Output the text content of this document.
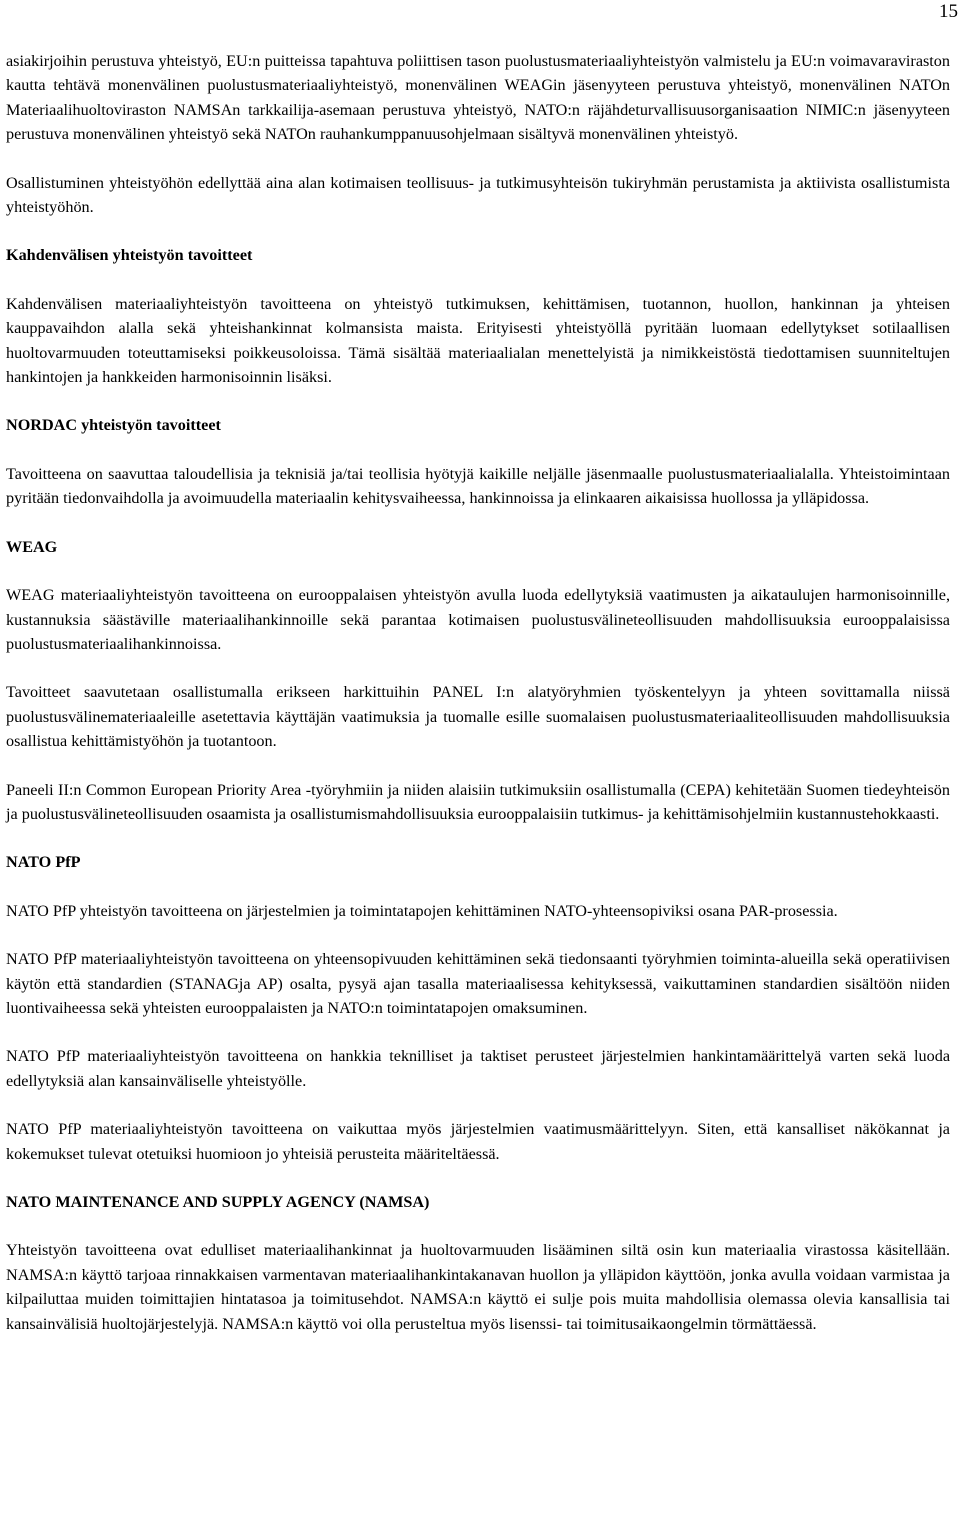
15

asiakirjoihin perustuva yhteistyö, EU:n puitteissa tapahtuva poliittisen tason puolustusmateriaaliyhteistyön valmistelu ja EU:n voimavaraviraston kautta tehtävä monenvälinen puolustusmateriaaliyhteistyö, monenvälinen WEAGin jäsenyyteen perustuva yhteistyö, monenvälinen NATOn Materiaalihuoltoviraston NAMSAn tarkkailija-asemaan perustuva yhteistyö, NATO:n räjähdeturvallisuusorganisaation NIMIC:n jäsenyyteen perustuva monenvälinen yhteistyö sekä NATOn rauhankumppanuusohjelmaan sisältyvä monenvälinen yhteistyö.

Osallistuminen yhteistyöhön edellyttää aina alan kotimaisen teollisuus- ja tutkimusyhteisön tukiryhmän perustamista ja aktiivista osallistumista yhteistyöhön.

Kahdenvälisen yhteistyön tavoitteet

Kahdenvälisen materiaaliyhteistyön tavoitteena on yhteistyö tutkimuksen, kehittämisen, tuotannon, huollon, hankinnan ja yhteisen kauppavaihdon alalla sekä yhteishankinnat kolmansista maista. Erityisesti yhteistyöllä pyritään luomaan edellytykset sotilaallisen huoltovarmuuden toteuttamiseksi poikkeusoloissa. Tämä sisältää materiaalialan menettelyistä ja nimikkeistöstä tiedottamisen suunniteltujen hankintojen ja hankkeiden harmonisoinnin lisäksi.

NORDAC yhteistyön tavoitteet

Tavoitteena on saavuttaa taloudellisia ja teknisiä ja/tai teollisia hyötyjä kaikille neljälle jäsenmaalle puolustusmateriaalialalla. Yhteistoimintaan pyritään tiedonvaihdolla ja avoimuudella materiaalin kehitysvaiheessa, hankinnoissa ja elinkaaren aikaisissa huollossa ja ylläpidossa.

WEAG

WEAG materiaaliyhteistyön tavoitteena on eurooppalaisen yhteistyön avulla luoda edellytyksiä vaatimusten ja aikataulujen harmonisoinnille, kustannuksia säästäville materiaalihankinnoille sekä parantaa kotimaisen puolustusvälineteollisuuden mahdollisuuksia eurooppalaisissa puolustusmateriaalihankinnoissa.

Tavoitteet saavutetaan osallistumalla erikseen harkittuihin PANEL I:n alatyöryhmien työskentelyyn ja yhteen sovittamalla niissä puolustusvälinemateriaaleille asetettavia käyttäjän vaatimuksia ja tuomalle esille suomalaisen puolustusmateriaaliteollisuuden mahdollisuuksia osallistua kehittämistyöhön ja tuotantoon.

Paneeli II:n Common European Priority Area -työryhmiin ja niiden alaisiin tutkimuksiin osallistumalla (CEPA) kehitetään Suomen tiedeyhteisön ja puolustusvälineteollisuuden osaamista ja osallistumismahdollisuuksia eurooppalaisiin tutkimus- ja kehittämisohjelmiin kustannustehokkaasti.

NATO PfP

NATO PfP yhteistyön tavoitteena on järjestelmien ja toimintatapojen kehittäminen NATO-yhteensopiviksi osana PAR-prosessia.

NATO PfP materiaaliyhteistyön tavoitteena on yhteensopivuuden kehittäminen sekä tiedonsaanti työryhmien toiminta-alueilla sekä operatiivisen käytön että standardien (STANAGja AP) osalta, pysyä ajan tasalla materiaalisessa kehityksessä, vaikuttaminen standardien sisältöön niiden luontivaiheessa sekä yhteisten eurooppalaisten ja NATO:n toimintatapojen omaksuminen.

NATO PfP materiaaliyhteistyön tavoitteena on hankkia teknilliset ja taktiset perusteet järjestelmien hankintamäärittelyä varten sekä luoda edellytyksiä alan kansainväliselle yhteistyölle.

NATO PfP materiaaliyhteistyön tavoitteena on vaikuttaa myös järjestelmien vaatimusmäärittelyyn. Siten, että kansalliset näkökannat ja kokemukset tulevat otetuiksi huomioon jo yhteisiä perusteita määriteltäessä.

NATO MAINTENANCE AND SUPPLY AGENCY (NAMSA)

Yhteistyön tavoitteena ovat edulliset materiaalihankinnat ja huoltovarmuuden lisääminen siltä osin kun materiaalia virastossa käsitellään. NAMSA:n käyttö tarjoaa rinnakkaisen varmentavan materiaalihankintakanavan huollon ja ylläpidon käyttöön, jonka avulla voidaan varmistaa ja kilpailuttaa muiden toimittajien hintatasoa ja toimitusehdot. NAMSA:n käyttö ei sulje pois muita mahdollisia olemassa olevia kansallisia tai kansainvälisiä huoltojärjestelyjä. NAMSA:n käyttö voi olla perusteltua myös lisenssi- tai toimitusaikaongelmin törmättäessä.
